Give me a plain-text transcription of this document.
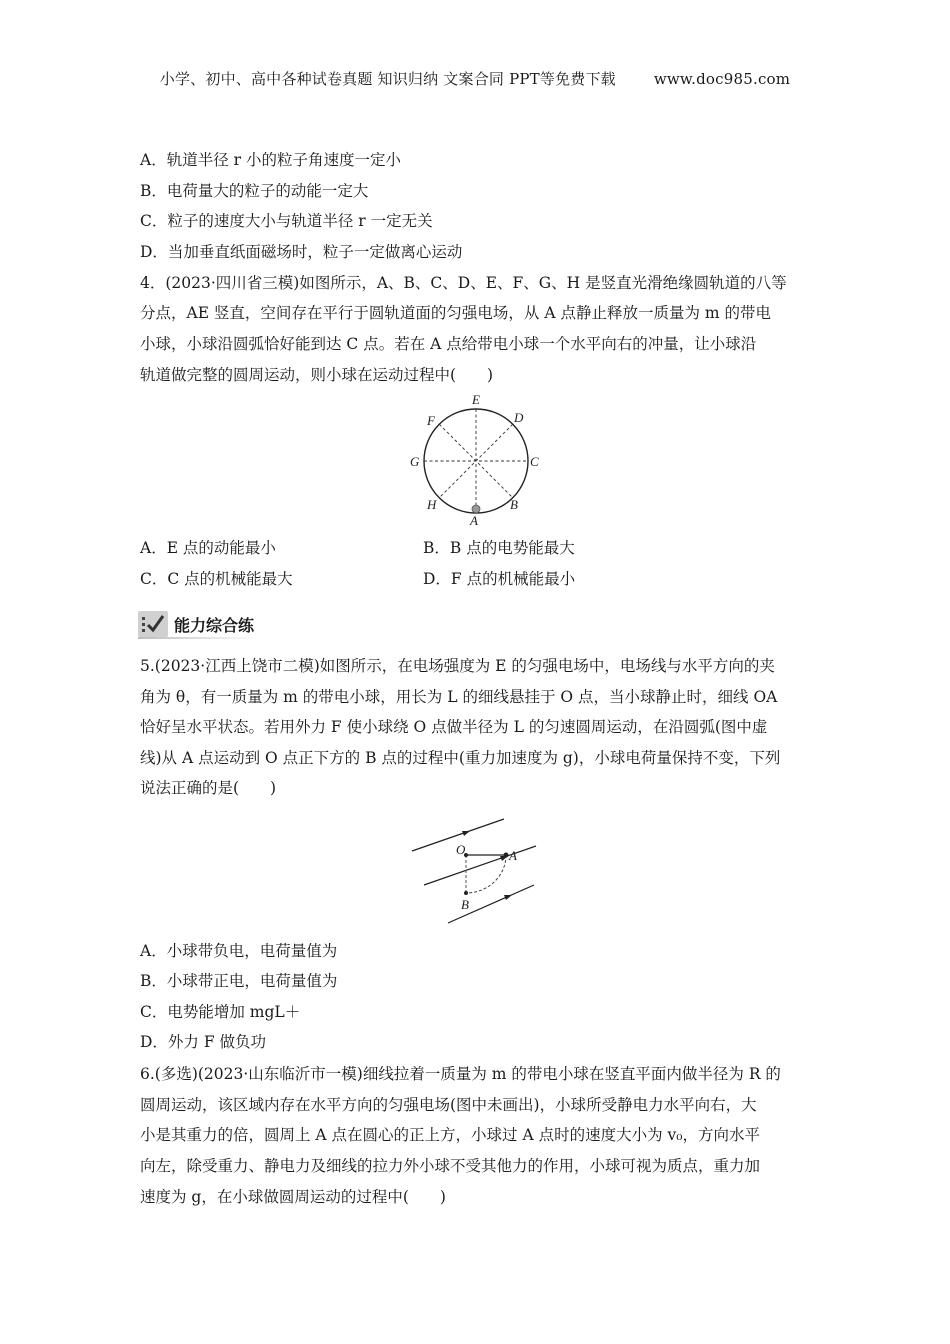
小学、初中、高中各种试卷真题 知识归纳 文案合同 PPT等免费下载	www.doc985.com
A．轨道半径 r 小的粒子角速度一定小
B．电荷量大的粒子的动能一定大
C．粒子的速度大小与轨道半径 r 一定无关
D．当加垂直纸面磁场时，粒子一定做离心运动
4．(2023·四川省三模)如图所示，A、B、C、D、E、F、G、H 是竖直光滑绝缘圆轨道的八等
分点，AE 竖直，空间存在平行于圆轨道面的匀强电场，从 A 点静止释放一质量为 m 的带电
小球，小球沿圆弧恰好能到达 C 点。若在 A 点给带电小球一个水平向右的冲量，让小球沿
轨道做完整的圆周运动，则小球在运动过程中(　　)
E
D
F
G	C
H	B
A
A．E 点的动能最小	B．B 点的电势能最大
C．C 点的机械能最大	D．F 点的机械能最小
能力综合练
5.(2023·江西上饶市二模)如图所示，在电场强度为 E 的匀强电场中，电场线与水平方向的夹
角为 θ，有一质量为 m 的带电小球，用长为 L 的细线悬挂于 O 点，当小球静止时，细线 OA
恰好呈水平状态。若用外力 F 使小球绕 O 点做半径为 L 的匀速圆周运动，在沿圆弧(图中虚
线)从 A 点运动到 O 点正下方的 B 点的过程中(重力加速度为 g)，小球电荷量保持不变，下列
说法正确的是(　　)
O	A
B
A．小球带负电，电荷量值为
B．小球带正电，电荷量值为
C．电势能增加 mgL＋
D．外力 F 做负功
6.(多选)(2023·山东临沂市一模)细线拉着一质量为 m 的带电小球在竖直平面内做半径为 R 的
圆周运动，该区域内存在水平方向的匀强电场(图中未画出)，小球所受静电力水平向右，大
小是其重力的倍，圆周上 A 点在圆心的正上方，小球过 A 点时的速度大小为 v₀，方向水平
向左，除受重力、静电力及细线的拉力外小球不受其他力的作用，小球可视为质点，重力加
速度为 g，在小球做圆周运动的过程中(　　)
